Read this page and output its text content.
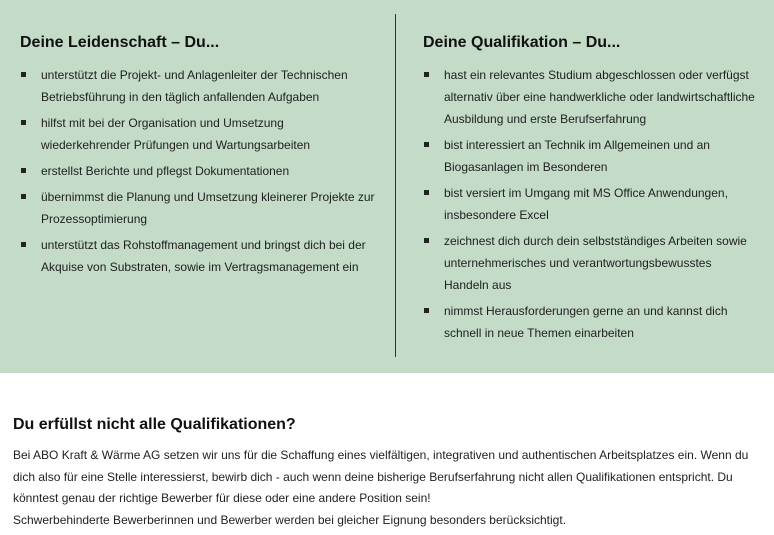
Deine Leidenschaft – Du...
unterstützt die Projekt- und Anlagenleiter der Technischen Betriebsführung in den täglich anfallenden Aufgaben
hilfst mit bei der Organisation und Umsetzung wiederkehrender Prüfungen und Wartungsarbeiten
erstellst Berichte und pflegst Dokumentationen
übernimmst die Planung und Umsetzung kleinerer Projekte zur Prozessoptimierung
unterstützt das Rohstoffmanagement und bringst dich bei der Akquise von Substraten, sowie im Vertragsmanagement ein
Deine Qualifikation – Du...
hast ein relevantes Studium abgeschlossen oder verfügst alternativ über eine handwerkliche oder landwirtschaftliche Ausbildung und erste Berufserfahrung
bist interessiert an Technik im Allgemeinen und an Biogasanlagen im Besonderen
bist versiert im Umgang mit MS Office Anwendungen, insbesondere Excel
zeichnest dich durch dein selbstständiges Arbeiten sowie unternehmerisches und verantwortungsbewusstes Handeln aus
nimmst Herausforderungen gerne an und kannst dich schnell in neue Themen einarbeiten
Du erfüllst nicht alle Qualifikationen?

Bei ABO Kraft & Wärme AG setzen wir uns für die Schaffung eines vielfältigen, integrativen und authentischen Arbeitsplatzes ein. Wenn du dich also für eine Stelle interessierst, bewirb dich - auch wenn deine bisherige Berufserfahrung nicht allen Qualifikationen entspricht. Du könntest genau der richtige Bewerber für diese oder eine andere Position sein!

Schwerbehinderte Bewerberinnen und Bewerber werden bei gleicher Eignung besonders berücksichtigt.
